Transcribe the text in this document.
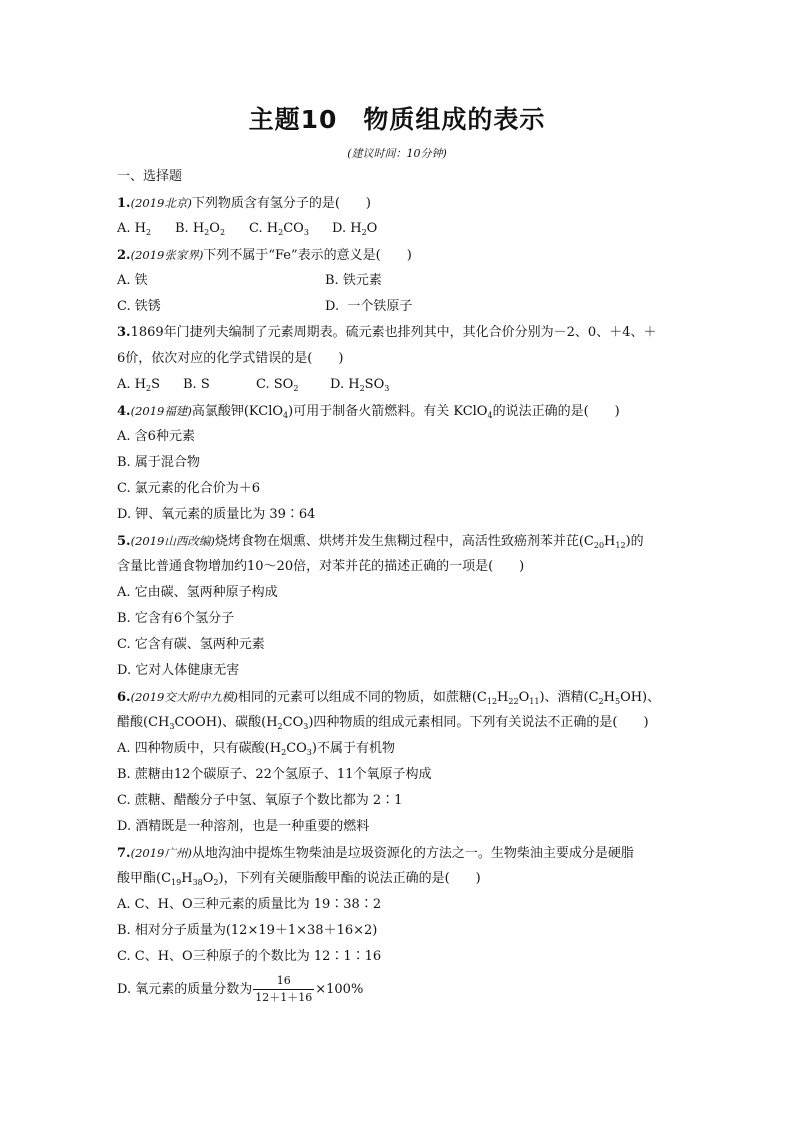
主题10 物质组成的表示
(建议时间：10分钟)
一、选择题
1.(2019北京)下列物质含有氢分子的是(　　)
A. $H_2$ B. $H_2O_2$ C. $H_2CO_3$ D. $H_2O$
2.(2019张家界)下列不属于“Fe”表示的意义是(　　)
A. 铁	B. 铁元素
C. 铁锈	D. 一个铁原子
3.1869年门捷列夫编制了元素周期表。硫元素也排列其中，其化合价分别为－2、0、＋4、＋
6价，依次对应的化学式错误的是(　　)
A. $H_2S$ B. S	C. $SO_2$ D. $H_2SO_3$
4.(2019福建)高氯酸钾(KClO$_4$)可用于制备火箭燃料。有关 KClO$_4$的说法正确的是(　　)
A. 含6种元素
B. 属于混合物
C. 氯元素的化合价为＋6
D. 钾、氧元素的质量比为 39∶64
5.(2019山西改编)烧烤食物在烟熏、烘烤并发生焦糊过程中，高活性致癌剂苯并芘$(C_{20}H_{12})$的
含量比普通食物增加约10～20倍，对苯并芘的描述正确的一项是(　　)
A. 它由碳、氢两种原子构成
B. 它含有6个氢分子
C. 它含有碳、氢两种元素
D. 它对人体健康无害
6.(2019交大附中九模)相同的元素可以组成不同的物质，如蔗糖$(C_{12}H_{22}O_{11})$、酒精$(C_2H_5OH)$、
醋酸$(CH_3COOH)$、碳酸$(H_2CO_3)$四种物质的组成元素相同。下列有关说法不正确的是(　　)
A. 四种物质中，只有碳酸$(H_2CO_3)$不属于有机物
B. 蔗糖由12个碳原子、22个氢原子、11个氧原子构成
C. 蔗糖、醋酸分子中氢、氧原子个数比都为 2∶1
D. 酒精既是一种溶剂，也是一种重要的燃料
7.(2019广州)从地沟油中提炼生物柴油是垃圾资源化的方法之一。生物柴油主要成分是硬脂
酸甲酯$(C_{19}H_{38}O_2)$，下列有关硬脂酸甲酯的说法正确的是(　　)
A. C、H、O三种元素的质量比为 19∶38∶2
B. 相对分子质量为(12×19＋1×38＋16×2)
C. C、H、O三种原子的个数比为 12∶1∶16
D. 氧元素的质量分数为 $\frac{16}{12+1+16} \times 100\%$
